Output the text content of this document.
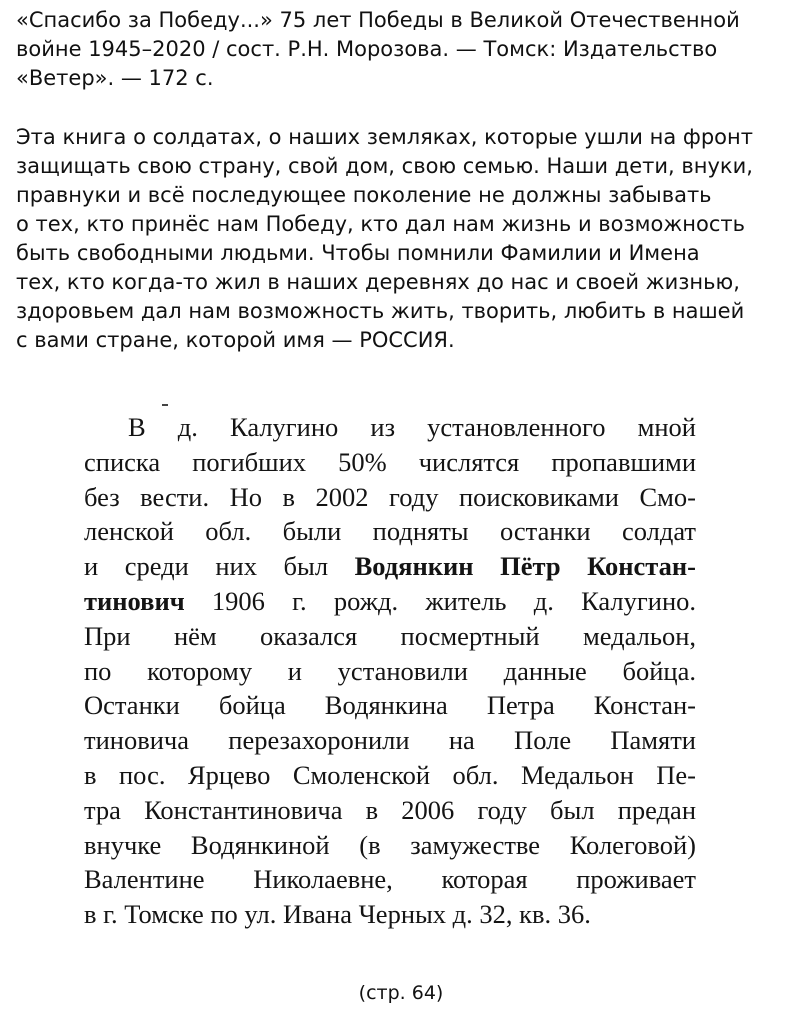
«Спасибо за Победу...» 75 лет Победы в Великой Отечественной
войне 1945–2020 / сост. Р.Н. Морозова. — Томск: Издательство
«Ветер». — 172 с.
Эта книга о солдатах, о наших земляках, которые ушли на фронт
защищать свою страну, свой дом, свою семью. Наши дети, внуки,
правнуки и всё последующее поколение не должны забывать
о тех, кто принёс нам Победу, кто дал нам жизнь и возможность
быть свободными людьми. Чтобы помнили Фамилии и Имена
тех, кто когда-то жил в наших деревнях до нас и своей жизнью,
здоровьем дал нам возможность жить, творить, любить в нашей
с вами стране, которой имя — РОССИЯ.
В д. Калугино из установленного мной
списка погибших 50% числятся пропавшими
без вести. Но в 2002 году поисковиками Смо-
ленской обл. были подняты останки солдат
и среди них был Водянкин Пётр Констан-
тинович 1906 г. рожд. житель д. Калугино.
При нём оказался посмертный медальон,
по которому и установили данные бойца.
Останки бойца Водянкина Петра Констан-
тиновича перезахоронили на Поле Памяти
в пос. Ярцево Смоленской обл. Медальон Пе-
тра Константиновича в 2006 году был предан
внучке Водянкиной (в замужестве Колеговой)
Валентине Николаевне, которая проживает
в г. Томске по ул. Ивана Черных д. 32, кв. 36.
(стр. 64)
